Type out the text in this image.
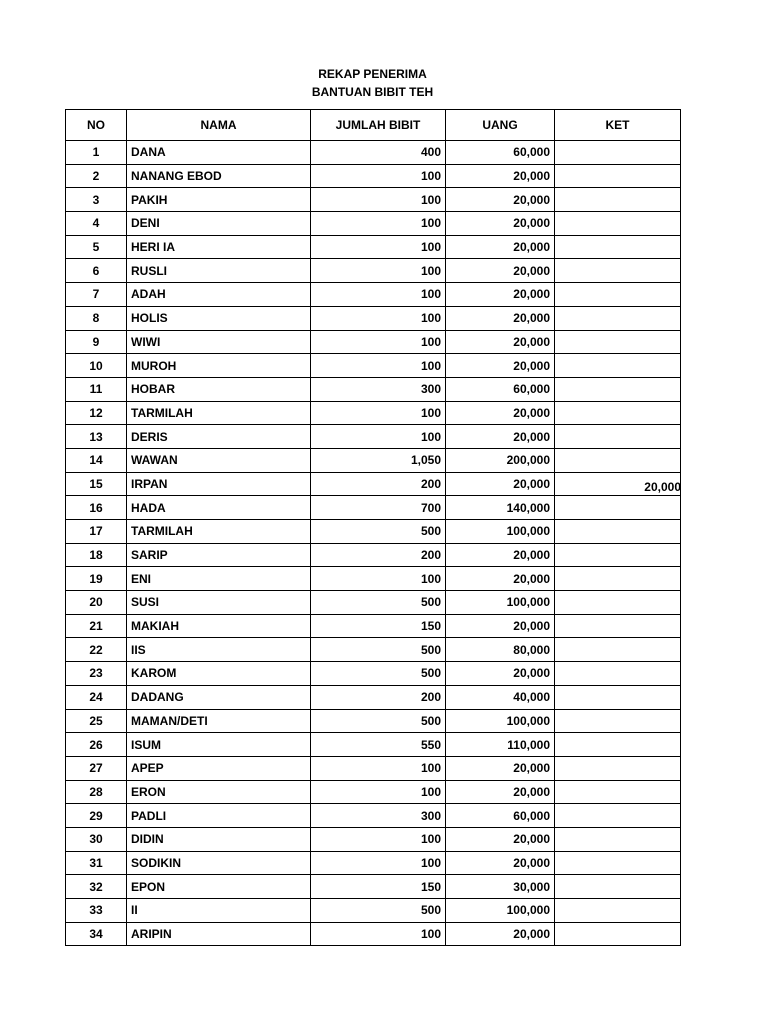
REKAP PENERIMA
BANTUAN BIBIT TEH
NO	NAMA	JUMLAH BIBIT	UANG	KET
1	DANA	400	60,000	

2	NANANG EBOD	100	20,000	

3	PAKIH	100	20,000	

4	DENI	100	20,000	

5	HERI IA	100	20,000	

6	RUSLI	100	20,000	

7	ADAH	100	20,000	

8	HOLIS	100	20,000	

9	WIWI	100	20,000	

10	MUROH	100	20,000	

11	HOBAR	300	60,000	

12	TARMILAH	100	20,000	

13	DERIS	100	20,000	

14	WAWAN	1,050	200,000	

15	IRPAN	200	20,000	20,000

16	HADA	700	140,000	

17	TARMILAH	500	100,000	

18	SARIP	200	20,000	

19	ENI	100	20,000	

20	SUSI	500	100,000	

21	MAKIAH	150	20,000	

22	IIS	500	80,000	

23	KAROM	500	20,000	

24	DADANG	200	40,000	

25	MAMAN/DETI	500	100,000	

26	ISUM	550	110,000	

27	APEP	100	20,000	

28	ERON	100	20,000	

29	PADLI	300	60,000	

30	DIDIN	100	20,000	

31	SODIKIN	100	20,000	

32	EPON	150	30,000	

33	II	500	100,000	

34	ARIPIN	100	20,000	
